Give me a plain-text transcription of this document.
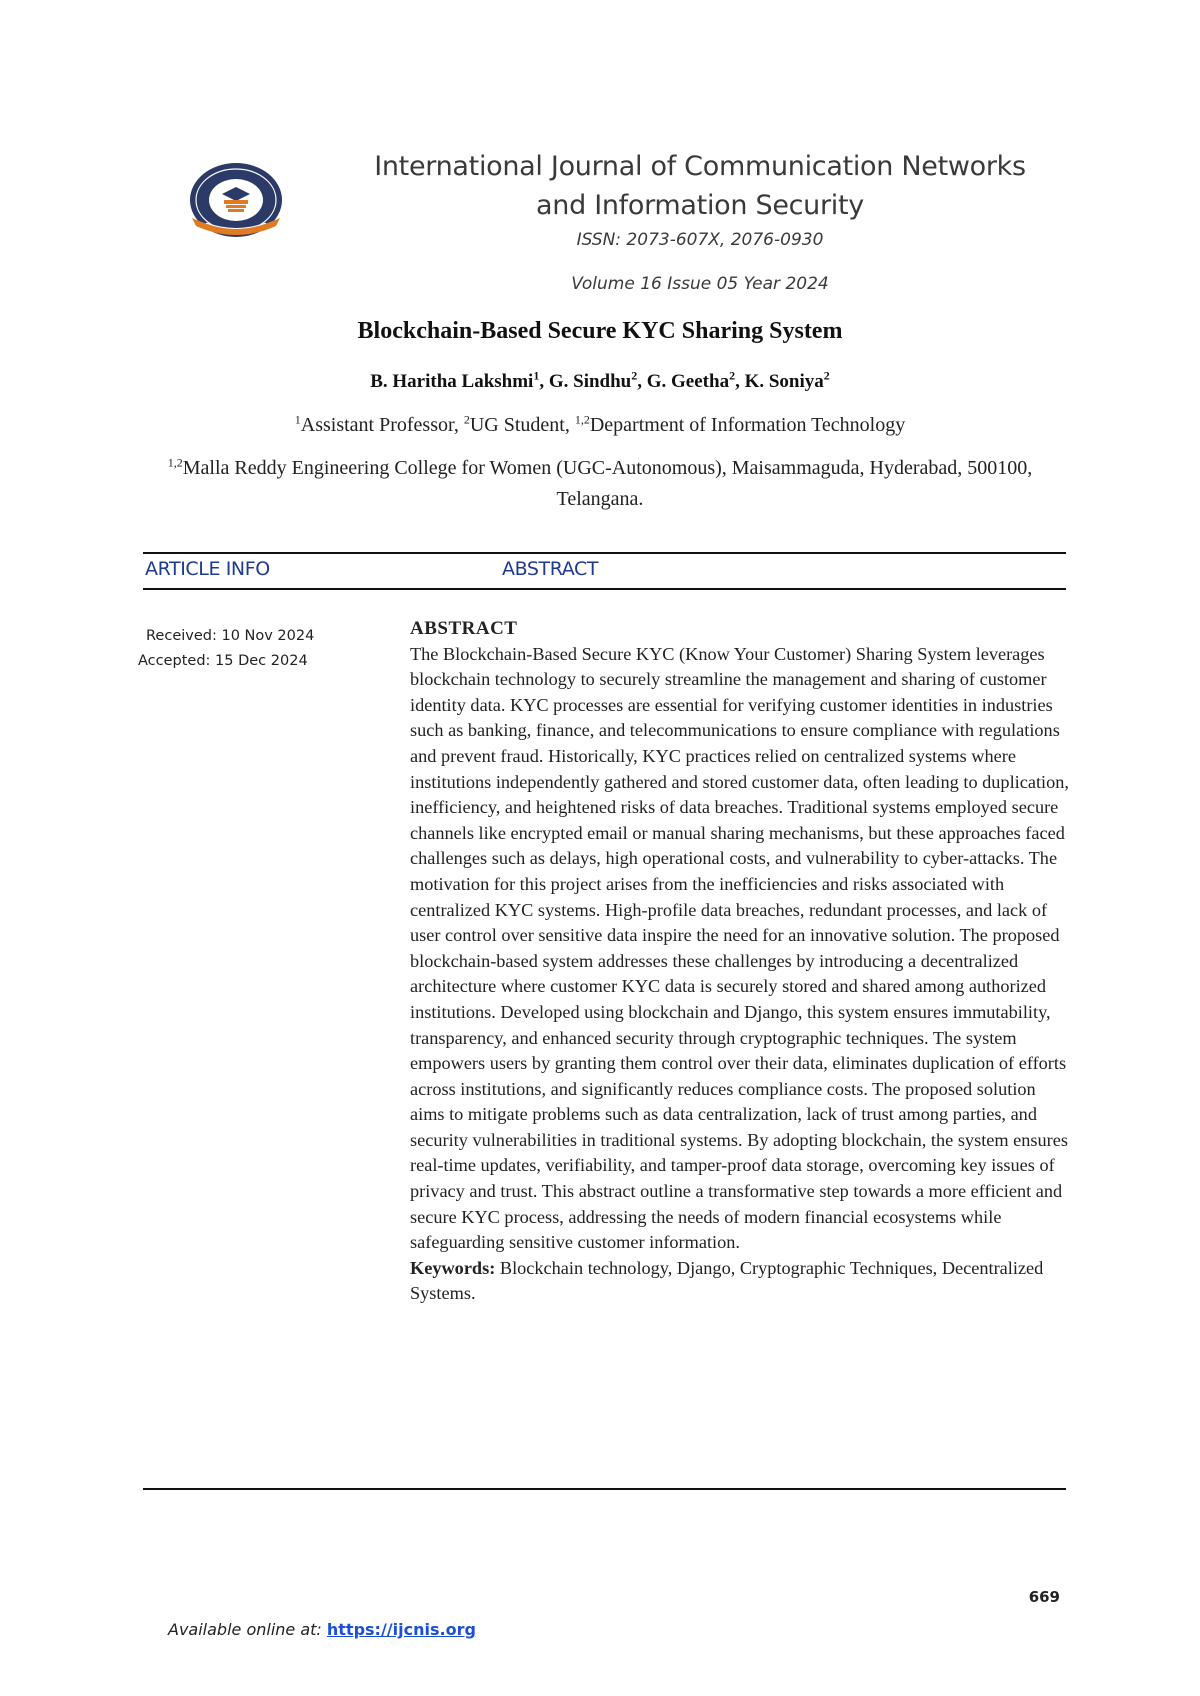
International Journal of Communication Networks
and Information Security
ISSN: 2073-607X, 2076-0930
Volume 16 Issue 05 Year 2024
Blockchain-Based Secure KYC Sharing System
B. Haritha Lakshmi$^1$, G. Sindhu$^2$, G. Geetha$^2$, K. Soniya$^2$
$^1$Assistant Professor, $^2$UG Student, $^{1,2}$Department of Information Technology
$^{1,2}$Malla Reddy Engineering College for Women (UGC-Autonomous), Maisammaguda, Hyderabad, 500100, Telangana.
ARTICLE INFO	ABSTRACT
Received: 10 Nov 2024
Accepted: 15 Dec 2024
ABSTRACT
The Blockchain-Based Secure KYC (Know Your Customer) Sharing System leverages blockchain technology to securely streamline the management and sharing of customer identity data. KYC processes are essential for verifying customer identities in industries such as banking, finance, and telecommunications to ensure compliance with regulations and prevent fraud. Historically, KYC practices relied on centralized systems where institutions independently gathered and stored customer data, often leading to duplication, inefficiency, and heightened risks of data breaches. Traditional systems employed secure channels like encrypted email or manual sharing mechanisms, but these approaches faced challenges such as delays, high operational costs, and vulnerability to cyber-attacks. The motivation for this project arises from the inefficiencies and risks associated with centralized KYC systems. High-profile data breaches, redundant processes, and lack of user control over sensitive data inspire the need for an innovative solution. The proposed blockchain-based system addresses these challenges by introducing a decentralized architecture where customer KYC data is securely stored and shared among authorized institutions. Developed using blockchain and Django, this system ensures immutability, transparency, and enhanced security through cryptographic techniques. The system empowers users by granting them control over their data, eliminates duplication of efforts across institutions, and significantly reduces compliance costs. The proposed solution aims to mitigate problems such as data centralization, lack of trust among parties, and security vulnerabilities in traditional systems. By adopting blockchain, the system ensures real-time updates, verifiability, and tamper-proof data storage, overcoming key issues of privacy and trust. This abstract outline a transformative step towards a more efficient and secure KYC process, addressing the needs of modern financial ecosystems while safeguarding sensitive customer information.
Keywords: Blockchain technology, Django, Cryptographic Techniques, Decentralized Systems.
669
Available online at: https://ijcnis.org
